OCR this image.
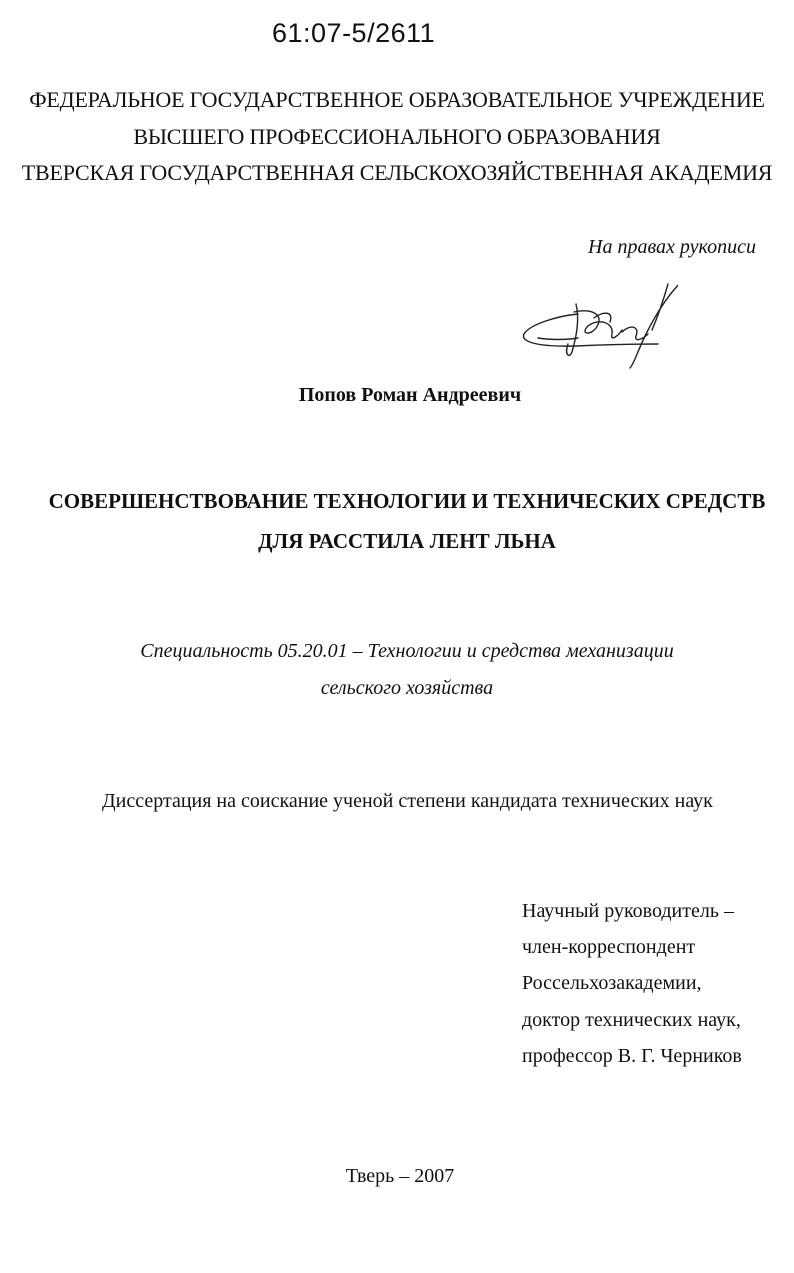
61:07-5/2611
ФЕДЕРАЛЬНОЕ ГОСУДАРСТВЕННОЕ ОБРАЗОВАТЕЛЬНОЕ УЧРЕЖДЕНИЕ
ВЫСШЕГО ПРОФЕССИОНАЛЬНОГО ОБРАЗОВАНИЯ
ТВЕРСКАЯ ГОСУДАРСТВЕННАЯ СЕЛЬСКОХОЗЯЙСТВЕННАЯ АКАДЕМИЯ
На правах рукописи
Попов Роман Андреевич
СОВЕРШЕНСТВОВАНИЕ ТЕХНОЛОГИИ И ТЕХНИЧЕСКИХ СРЕДСТВ
ДЛЯ РАССТИЛА ЛЕНТ ЛЬНА
Специальность 05.20.01 – Технологии и средства механизации
сельского хозяйства
Диссертация на соискание ученой степени кандидата технических наук
Научный руководитель –
член-корреспондент
Россельхозакадемии,
доктор технических наук,
профессор В. Г. Черников
Тверь – 2007
